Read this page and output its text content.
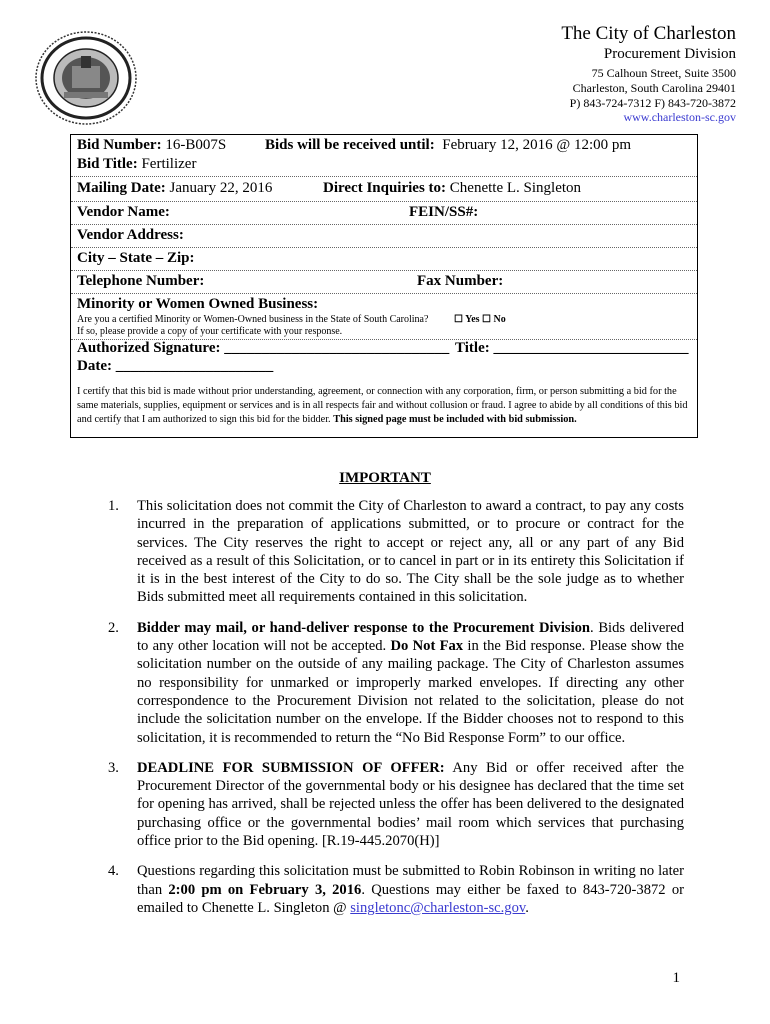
The City of Charleston
Procurement Division
75 Calhoun Street, Suite 3500
Charleston, South Carolina 29401
P) 843-724-7312 F) 843-720-3872
www.charleston-sc.gov
Bid Number: 16-B007S	Bids will be received until: February 12, 2016 @ 12:00 pm
Bid Title: Fertilizer
Mailing Date: January 22, 2016	Direct Inquiries to: Chenette L. Singleton
Vendor Name:	FEIN/SS#:
Vendor Address:
City – State – Zip:
Telephone Number:	Fax Number:
Minority or Women Owned Business:
Are you a certified Minority or Women-Owned business in the State of South Carolina?	☐ Yes ☐ No
If so, please provide a copy of your certificate with your response.
Authorized Signature: ______________________________ Title: __________________________
Date: _____________________
I certify that this bid is made without prior understanding, agreement, or connection with any corporation, firm, or person submitting a bid for the same materials, supplies, equipment or services and is in all respects fair and without collusion or fraud. I agree to abide by all conditions of this bid and certify that I am authorized to sign this bid for the bidder. This signed page must be included with bid submission.
IMPORTANT
1. This solicitation does not commit the City of Charleston to award a contract, to pay any costs incurred in the preparation of applications submitted, or to procure or contract for the services. The City reserves the right to accept or reject any, all or any part of any Bid received as a result of this Solicitation, or to cancel in part or in its entirety this Solicitation if it is in the best interest of the City to do so. The City shall be the sole judge as to whether Bids submitted meet all requirements contained in this solicitation.
2. Bidder may mail, or hand-deliver response to the Procurement Division. Bids delivered to any other location will not be accepted. Do Not Fax in the Bid response. Please show the solicitation number on the outside of any mailing package. The City of Charleston assumes no responsibility for unmarked or improperly marked envelopes. If directing any other correspondence to the Procurement Division not related to the solicitation, please do not include the solicitation number on the envelope. If the Bidder chooses not to respond to this solicitation, it is recommended to return the “No Bid Response Form” to our office.
3. DEADLINE FOR SUBMISSION OF OFFER: Any Bid or offer received after the Procurement Director of the governmental body or his designee has declared that the time set for opening has arrived, shall be rejected unless the offer has been delivered to the designated purchasing office or the governmental bodies’ mail room which services that purchasing office prior to the Bid opening. [R.19-445.2070(H)]
4. Questions regarding this solicitation must be submitted to Robin Robinson in writing no later than 2:00 pm on February 3, 2016. Questions may either be faxed to 843-720-3872 or emailed to Chenette L. Singleton @ singletonc@charleston-sc.gov.
1
